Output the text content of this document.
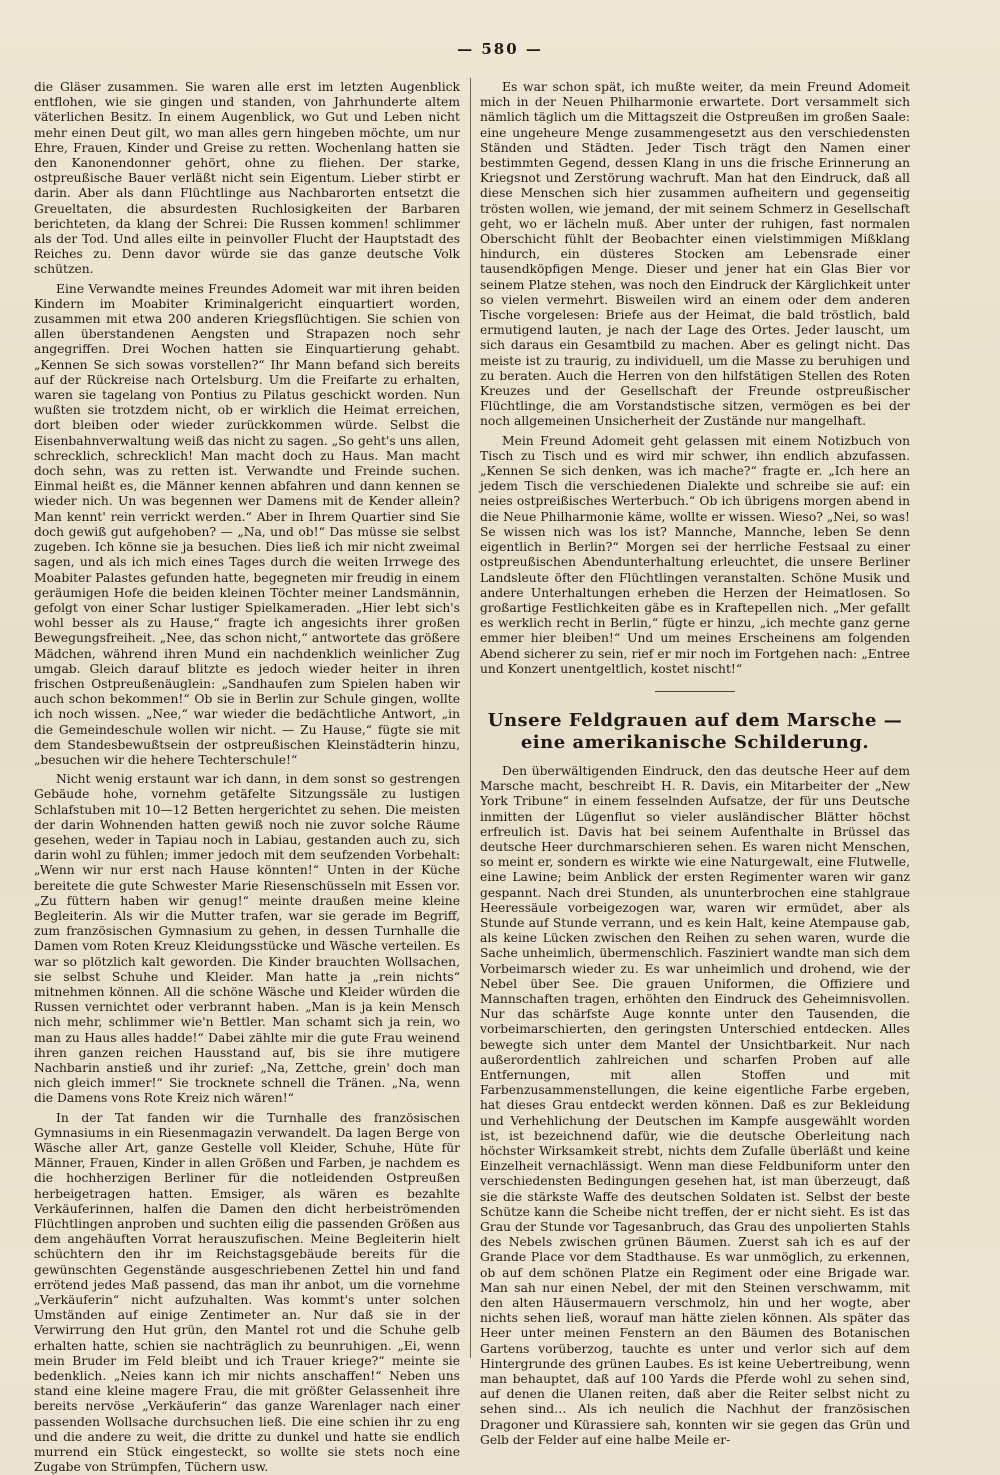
— 580 —

die Gläser zusammen. Sie waren alle erst im letzten Augenblick entflohen, wie sie gingen und standen, von Jahrhunderte altem väterlichen Besitz. In einem Augenblick, wo Gut und Leben nicht mehr einen Deut gilt, wo man alles gern hingeben möchte, um nur Ehre, Frauen, Kinder und Greise zu retten. Wochenlang hatten sie den Kanonendonner gehört, ohne zu fliehen. Der starke, ostpreußische Bauer verläßt nicht sein Eigentum. Lieber stirbt er darin. Aber als dann Flüchtlinge aus Nachbarorten entsetzt die Greueltaten, die absurdesten Ruchlosigkeiten der Barbaren berichteten, da klang der Schrei: Die Russen kommen! schlimmer als der Tod. Und alles eilte in peinvoller Flucht der Hauptstadt des Reiches zu. Denn davor würde sie das ganze deutsche Volk schützen.

Eine Verwandte meines Freundes Adomeit war mit ihren beiden Kindern im Moabiter Kriminalgericht einquartiert worden, zusammen mit etwa 200 anderen Kriegsflüchtigen. Sie schien von allen überstandenen Aengsten und Strapazen noch sehr angegriffen. Drei Wochen hatten sie Einquartierung gehabt. „Kennen Se sich sowas vorstellen?“ Ihr Mann befand sich bereits auf der Rückreise nach Ortelsburg. Um die Freifarte zu erhalten, waren sie tagelang von Pontius zu Pilatus geschickt worden. Nun wußten sie trotzdem nicht, ob er wirklich die Heimat erreichen, dort bleiben oder wieder zurückkommen würde. Selbst die Eisenbahnverwaltung weiß das nicht zu sagen. „So geht's uns allen, schrecklich, schrecklich! Man macht doch zu Haus. Man macht doch sehn, was zu retten ist. Verwandte und Freinde suchen. Einmal heißt es, die Männer kennen abfahren und dann kennen se wieder nich. Un was begennen wer Damens mit de Kender allein? Man kennt' rein verrickt werden.“ Aber in Ihrem Quartier sind Sie doch gewiß gut aufgehoben? — „Na, und ob!“ Das müsse sie selbst zugeben. Ich könne sie ja besuchen. Dies ließ ich mir nicht zweimal sagen, und als ich mich eines Tages durch die weiten Irrwege des Moabiter Palastes gefunden hatte, begegneten mir freudig in einem geräumigen Hofe die beiden kleinen Töchter meiner Landsmännin, gefolgt von einer Schar lustiger Spielkameraden. „Hier lebt sich's wohl besser als zu Hause,“ fragte ich angesichts ihrer großen Bewegungsfreiheit. „Nee, das schon nicht,“ antwortete das größere Mädchen, während ihren Mund ein nachdenklich weinlicher Zug umgab. Gleich darauf blitzte es jedoch wieder heiter in ihren frischen Ostpreußenäuglein: „Sandhaufen zum Spielen haben wir auch schon bekommen!“ Ob sie in Berlin zur Schule gingen, wollte ich noch wissen. „Nee,“ war wieder die bedächtliche Antwort, „in die Gemeindeschule wollen wir nicht. — Zu Hause,“ fügte sie mit dem Standesbewußtsein der ostpreußischen Kleinstädterin hinzu, „besuchen wir die hehere Techterschule!“

Nicht wenig erstaunt war ich dann, in dem sonst so gestrengen Gebäude hohe, vornehm getäfelte Sitzungssäle zu lustigen Schlafstuben mit 10—12 Betten hergerichtet zu sehen. Die meisten der darin Wohnenden hatten gewiß noch nie zuvor solche Räume gesehen, weder in Tapiau noch in Labiau, gestanden auch zu, sich darin wohl zu fühlen; immer jedoch mit dem seufzenden Vorbehalt: „Wenn wir nur erst nach Hause könnten!“ Unten in der Küche bereitete die gute Schwester Marie Riesenschüsseln mit Essen vor. „Zu füttern haben wir genug!“ meinte draußen meine kleine Begleiterin. Als wir die Mutter trafen, war sie gerade im Begriff, zum französischen Gymnasium zu gehen, in dessen Turnhalle die Damen vom Roten Kreuz Kleidungsstücke und Wäsche verteilen. Es war so plötzlich kalt geworden. Die Kinder brauchten Wollsachen, sie selbst Schuhe und Kleider. Man hatte ja „rein nichts“ mitnehmen können. All die schöne Wäsche und Kleider würden die Russen vernichtet oder verbrannt haben. „Man is ja kein Mensch nich mehr, schlimmer wie'n Bettler. Man schamt sich ja rein, wo man zu Haus alles hadde!“ Dabei zählte mir die gute Frau weinend ihren ganzen reichen Hausstand auf, bis sie ihre mutigere Nachbarin anstieß und ihr zurief: „Na, Zettche, grein' doch man nich gleich immer!“ Sie trocknete schnell die Tränen. „Na, wenn die Damens vons Rote Kreiz nich wären!“

In der Tat fanden wir die Turnhalle des französischen Gymnasiums in ein Riesenmagazin verwandelt. Da lagen Berge von Wäsche aller Art, ganze Gestelle voll Kleider, Schuhe, Hüte für Männer, Frauen, Kinder in allen Größen und Farben, je nachdem es die hochherzigen Berliner für die notleidenden Ostpreußen herbeigetragen hatten. Emsiger, als wären es bezahlte Verkäuferinnen, halfen die Damen den dicht herbeiströmenden Flüchtlingen anproben und suchten eilig die passenden Größen aus dem angehäuften Vorrat herauszufischen. Meine Begleiterin hielt schüchtern den ihr im Reichstagsgebäude bereits für die gewünschten Gegenstände ausgeschriebenen Zettel hin und fand errötend jedes Maß passend, das man ihr anbot, um die vornehme „Verkäuferin“ nicht aufzuhalten. Was kommt's unter solchen Umständen auf einige Zentimeter an. Nur daß sie in der Verwirrung den Hut grün, den Mantel rot und die Schuhe gelb erhalten hatte, schien sie nachträglich zu beunruhigen. „Ei, wenn mein Bruder im Feld bleibt und ich Trauer kriege?“ meinte sie bedenklich. „Neies kann ich mir nichts anschaffen!“ Neben uns stand eine kleine magere Frau, die mit größter Gelassenheit ihre bereits nervöse „Verkäuferin“ das ganze Warenlager nach einer passenden Wollsache durchsuchen ließ. Die eine schien ihr zu eng und die andere zu weit, die dritte zu dunkel und hatte sie endlich murrend ein Stück eingesteckt, so wollte sie stets noch eine Zugabe von Strümpfen, Tüchern usw.

Es war schon spät, ich mußte weiter, da mein Freund Adomeit mich in der Neuen Philharmonie erwartete. Dort versammelt sich nämlich täglich um die Mittagszeit die Ostpreußen im großen Saale: eine ungeheure Menge zusammengesetzt aus den verschiedensten Ständen und Städten. Jeder Tisch trägt den Namen einer bestimmten Gegend, dessen Klang in uns die frische Erinnerung an Kriegsnot und Zerstörung wachruft. Man hat den Eindruck, daß all diese Menschen sich hier zusammen aufheitern und gegenseitig trösten wollen, wie jemand, der mit seinem Schmerz in Gesellschaft geht, wo er lächeln muß. Aber unter der ruhigen, fast normalen Oberschicht fühlt der Beobachter einen vielstimmigen Mißklang hindurch, ein düsteres Stocken am Lebensrade einer tausendköpfigen Menge. Dieser und jener hat ein Glas Bier vor seinem Platze stehen, was noch den Eindruck der Kärglichkeit unter so vielen vermehrt. Bisweilen wird an einem oder dem anderen Tische vorgelesen: Briefe aus der Heimat, die bald tröstlich, bald ermutigend lauten, je nach der Lage des Ortes. Jeder lauscht, um sich daraus ein Gesamtbild zu machen. Aber es gelingt nicht. Das meiste ist zu traurig, zu individuell, um die Masse zu beruhigen und zu beraten. Auch die Herren von den hilfstätigen Stellen des Roten Kreuzes und der Gesellschaft der Freunde ostpreußischer Flüchtlinge, die am Vorstandstische sitzen, vermögen es bei der noch allgemeinen Unsicherheit der Zustände nur mangelhaft.

Mein Freund Adomeit geht gelassen mit einem Notizbuch von Tisch zu Tisch und es wird mir schwer, ihn endlich abzufassen. „Kennen Se sich denken, was ich mache?“ fragte er. „Ich here an jedem Tisch die verschiedenen Dialekte und schreibe sie auf: ein neies ostpreißisches Werterbuch.“ Ob ich übrigens morgen abend in die Neue Philharmonie käme, wollte er wissen. Wieso? „Nei, so was! Se wissen nich was los ist? Mannche, Mannche, leben Se denn eigentlich in Berlin?“ Morgen sei der herrliche Festsaal zu einer ostpreußischen Abendunterhaltung erleuchtet, die unsere Berliner Landsleute öfter den Flüchtlingen veranstalten. Schöne Musik und andere Unterhaltungen erheben die Herzen der Heimatlosen. So großartige Festlichkeiten gäbe es in Kraftepellen nich. „Mer gefallt es werklich recht in Berlin,“ fügte er hinzu, „ich mechte ganz gerne emmer hier bleiben!“ Und um meines Erscheinens am folgenden Abend sicherer zu sein, rief er mir noch im Fortgehen nach: „Entree und Konzert unentgeltlich, kostet nischt!“

Unsere Feldgrauen auf dem Marsche — eine amerikanische Schilderung.

Den überwältigenden Eindruck, den das deutsche Heer auf dem Marsche macht, beschreibt H. R. Davis, ein Mitarbeiter der „New York Tribune“ in einem fesselnden Aufsatze, der für uns Deutsche inmitten der Lügenflut so vieler ausländischer Blätter höchst erfreulich ist. Davis hat bei seinem Aufenthalte in Brüssel das deutsche Heer durchmarschieren sehen. Es waren nicht Menschen, so meint er, sondern es wirkte wie eine Naturgewalt, eine Flutwelle, eine Lawine; beim Anblick der ersten Regimenter waren wir ganz gespannt. Nach drei Stunden, als ununterbrochen eine stahlgraue Heeressäule vorbeigezogen war, waren wir ermüdet, aber als Stunde auf Stunde verrann, und es kein Halt, keine Atempause gab, als keine Lücken zwischen den Reihen zu sehen waren, wurde die Sache unheimlich, übermenschlich. Fasziniert wandte man sich dem Vorbeimarsch wieder zu. Es war unheimlich und drohend, wie der Nebel über See. Die grauen Uniformen, die Offiziere und Mannschaften tragen, erhöhten den Eindruck des Geheimnisvollen. Nur das schärfste Auge konnte unter den Tausenden, die vorbeimarschierten, den geringsten Unterschied entdecken. Alles bewegte sich unter dem Mantel der Unsichtbarkeit. Nur nach außerordentlich zahlreichen und scharfen Proben auf alle Entfernungen, mit allen Stoffen und mit Farbenzusammenstellungen, die keine eigentliche Farbe ergeben, hat dieses Grau entdeckt werden können. Daß es zur Bekleidung und Verhehlichung der Deutschen im Kampfe ausgewählt worden ist, ist bezeichnend dafür, wie die deutsche Oberleitung nach höchster Wirksamkeit strebt, nichts dem Zufalle überläßt und keine Einzelheit vernachlässigt. Wenn man diese Feldbuniform unter den verschiedensten Bedingungen gesehen hat, ist man überzeugt, daß sie die stärkste Waffe des deutschen Soldaten ist. Selbst der beste Schütze kann die Scheibe nicht treffen, der er nicht sieht. Es ist das Grau der Stunde vor Tagesanbruch, das Grau des unpolierten Stahls des Nebels zwischen grünen Bäumen. Zuerst sah ich es auf der Grande Place vor dem Stadthause. Es war unmöglich, zu erkennen, ob auf dem schönen Platze ein Regiment oder eine Brigade war. Man sah nur einen Nebel, der mit den Steinen verschwamm, mit den alten Häusermauern verschmolz, hin und her wogte, aber nichts sehen ließ, worauf man hätte zielen können. Als später das Heer unter meinen Fenstern an den Bäumen des Botanischen Gartens vorüberzog, tauchte es unter und verlor sich auf dem Hintergrunde des grünen Laubes. Es ist keine Uebertreibung, wenn man behauptet, daß auf 100 Yards die Pferde wohl zu sehen sind, auf denen die Ulanen reiten, daß aber die Reiter selbst nicht zu sehen sind… Als ich neulich die Nachhut der französischen Dragoner und Kürassiere sah, konnten wir sie gegen das Grün und Gelb der Felder auf eine halbe Meile er-
